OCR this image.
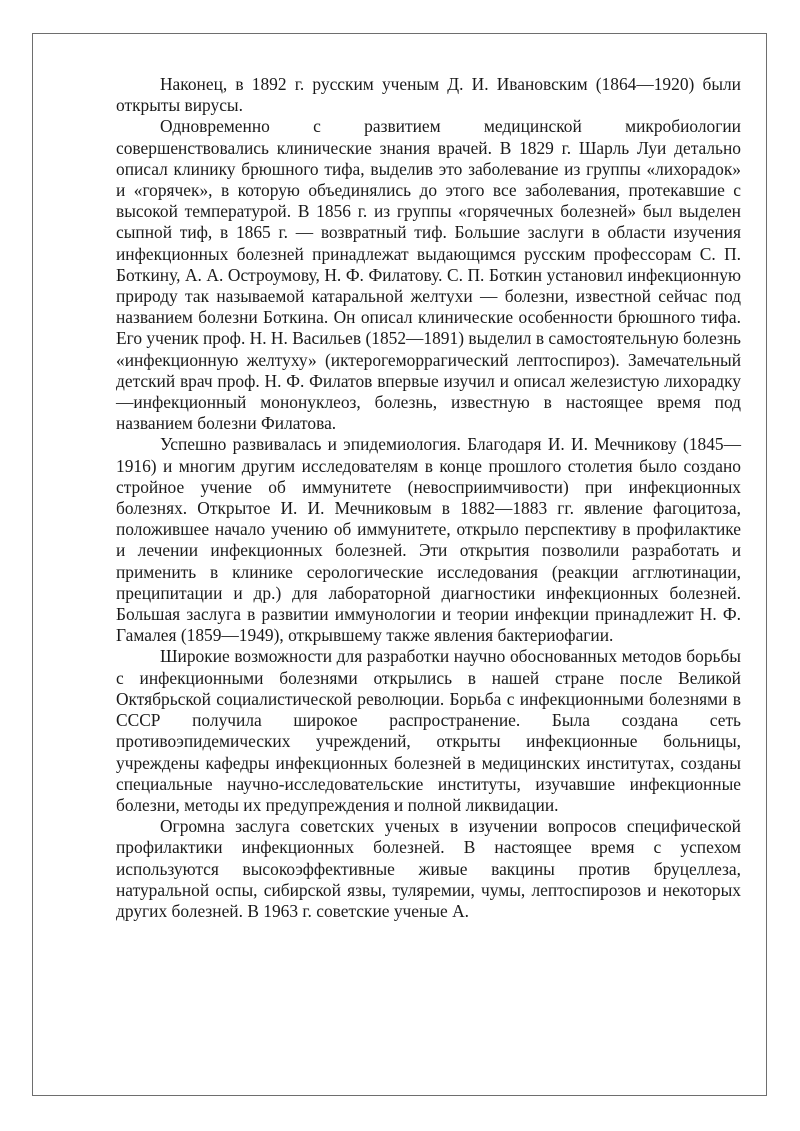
Наконец, в 1892 г. русским ученым Д. И. Ивановским (1864—1920) были открыты вирусы.

Одновременно с развитием медицинской микробиологии совершенствовались клинические знания врачей. В 1829 г. Шарль Луи детально описал клинику брюшного тифа, выделив это заболевание из группы «лихорадок» и «горячек», в которую объединялись до этого все заболевания, протекавшие с высокой температурой. В 1856 г. из группы «горячечных болезней» был выделен сыпной тиф, в 1865 г. — возвратный тиф. Большие заслуги в области изучения инфекционных болезней принадлежат выдающимся русским профессорам С. П. Боткину, А. А. Остроумову, Н. Ф. Филатову. С. П. Боткин установил инфекционную природу так называемой катаральной желтухи — болезни, известной сейчас под названием болезни Боткина. Он описал клинические особенности брюшного тифа. Его ученик проф. Н. Н. Васильев (1852—1891) выделил в самостоятельную болезнь «инфекционную желтуху» (иктерогеморрагический лептоспироз). Замечательный детский врач проф. Н. Ф. Филатов впервые изучил и описал железистую лихорадку—инфекционный мононуклеоз, болезнь, известную в настоящее время под названием болезни Филатова.

Успешно развивалась и эпидемиология. Благодаря И. И. Мечникову (1845—1916) и многим другим исследователям в конце прошлого столетия было создано стройное учение об иммунитете (невосприимчивости) при инфекционных болезнях. Открытое И. И. Мечниковым в 1882—1883 гг. явление фагоцитоза, положившее начало учению об иммунитете, открыло перспективу в профилактике и лечении инфекционных болезней. Эти открытия позволили разработать и применить в клинике серологические исследования (реакции агглютинации, преципитации и др.) для лабораторной диагностики инфекционных болезней. Большая заслуга в развитии иммунологии и теории инфекции принадлежит Н. Ф. Гамалея (1859—1949), открывшему также явления бактериофагии.

Широкие возможности для разработки научно обоснованных методов борьбы с инфекционными болезнями открылись в нашей стране после Великой Октябрьской социалистической революции. Борьба с инфекционными болезнями в СССР получила широкое распространение. Была создана сеть противоэпидемических учреждений, открыты инфекционные больницы, учреждены кафедры инфекционных болезней в медицинских институтах, созданы специальные научно-исследовательские институты, изучавшие инфекционные болезни, методы их предупреждения и полной ликвидации.

Огромна заслуга советских ученых в изучении вопросов специфической профилактики инфекционных болезней. В настоящее время с успехом используются высокоэффективные живые вакцины против бруцеллеза, натуральной оспы, сибирской язвы, туляремии, чумы, лептоспирозов и некоторых других болезней. В 1963 г. советские ученые А.
